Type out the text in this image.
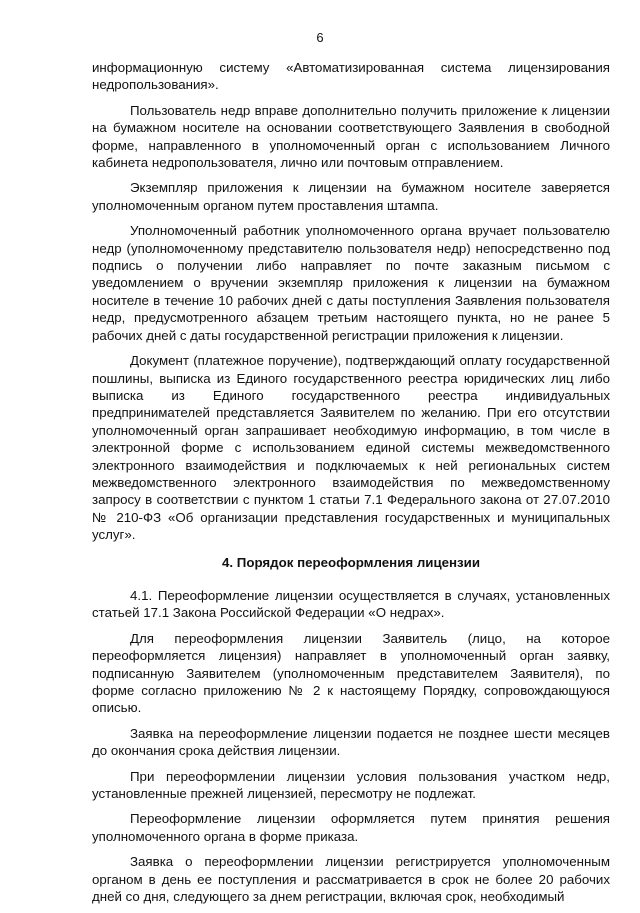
6

информационную систему «Автоматизированная система лицензирования недропользования».

Пользователь недр вправе дополнительно получить приложение к лицензии на бумажном носителе на основании соответствующего Заявления в свободной форме, направленного в уполномоченный орган с использованием Личного кабинета недропользователя, лично или почтовым отправлением.

Экземпляр приложения к лицензии на бумажном носителе заверяется уполномоченным органом путем проставления штампа.

Уполномоченный работник уполномоченного органа вручает пользователю недр (уполномоченному представителю пользователя недр) непосредственно под подпись о получении либо направляет по почте заказным письмом с уведомлением о вручении экземпляр приложения к лицензии на бумажном носителе в течение 10 рабочих дней с даты поступления Заявления пользователя недр, предусмотренного абзацем третьим настоящего пункта, но не ранее 5 рабочих дней с даты государственной регистрации приложения к лицензии.

Документ (платежное поручение), подтверждающий оплату государственной пошлины, выписка из Единого государственного реестра юридических лиц либо выписка из Единого государственного реестра индивидуальных предпринимателей представляется Заявителем по желанию. При его отсутствии уполномоченный орган запрашивает необходимую информацию, в том числе в электронной форме с использованием единой системы межведомственного электронного взаимодействия и подключаемых к ней региональных систем межведомственного электронного взаимодействия по межведомственному запросу в соответствии с пунктом 1 статьи 7.1 Федерального закона от 27.07.2010 № 210-ФЗ «Об организации представления государственных и муниципальных услуг».

4. Порядок переоформления лицензии

4.1. Переоформление лицензии осуществляется в случаях, установленных статьей 17.1 Закона Российской Федерации «О недрах».

Для переоформления лицензии Заявитель (лицо, на которое переоформляется лицензия) направляет в уполномоченный орган заявку, подписанную Заявителем (уполномоченным представителем Заявителя), по форме согласно приложению № 2 к настоящему Порядку, сопровождающуюся описью.

Заявка на переоформление лицензии подается не позднее шести месяцев до окончания срока действия лицензии.

При переоформлении лицензии условия пользования участком недр, установленные прежней лицензией, пересмотру не подлежат.

Переоформление лицензии оформляется путем принятия решения уполномоченного органа в форме приказа.

Заявка о переоформлении лицензии регистрируется уполномоченным органом в день ее поступления и рассматривается в срок не более 20 рабочих дней со дня, следующего за днем регистрации, включая срок, необходимый
